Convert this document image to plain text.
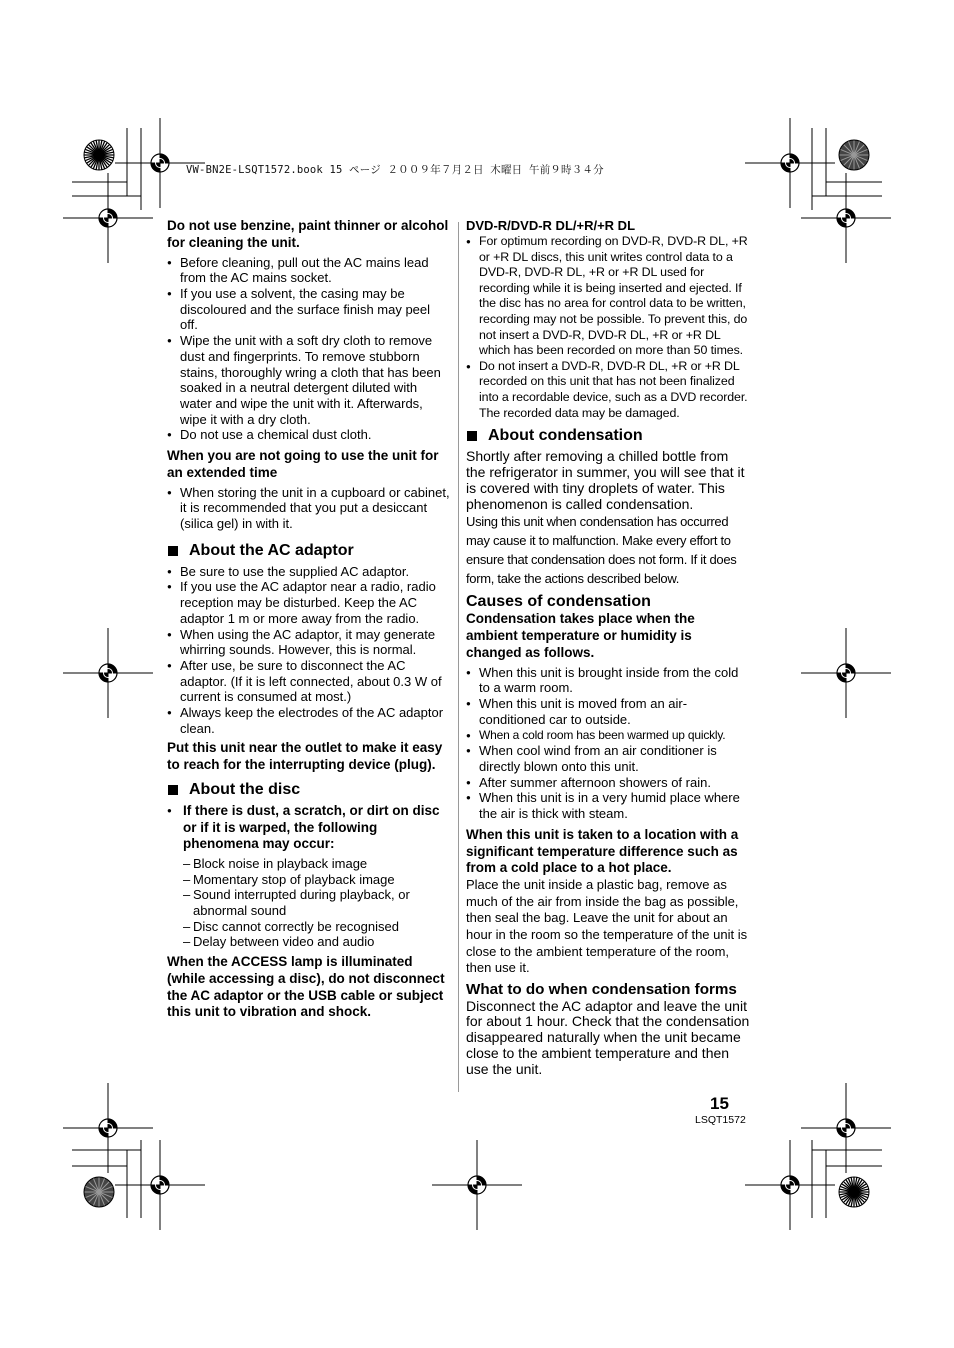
VW-BN2E-LSQT1572.book 15 ページ ２００９年７月２日 木曜日 午前９時３４分
Do not use benzine, paint thinner or alcohol for cleaning the unit.
● Before cleaning, pull out the AC mains lead from the AC mains socket.
● If you use a solvent, the casing may be discoloured and the surface finish may peel off.
● Wipe the unit with a soft dry cloth to remove dust and fingerprints. To remove stubborn stains, thoroughly wring a cloth that has been soaked in a neutral detergent diluted with water and wipe the unit with it. Afterwards, wipe it with a dry cloth.
● Do not use a chemical dust cloth.
When you are not going to use the unit for an extended time
● When storing the unit in a cupboard or cabinet, it is recommended that you put a desiccant (silica gel) in with it.
About the AC adaptor
● Be sure to use the supplied AC adaptor.
● If you use the AC adaptor near a radio, radio reception may be disturbed. Keep the AC adaptor 1 m or more away from the radio.
● When using the AC adaptor, it may generate whirring sounds. However, this is normal.
● After use, be sure to disconnect the AC adaptor. (If it is left connected, about 0.3 W of current is consumed at most.)
● Always keep the electrodes of the AC adaptor clean.
Put this unit near the outlet to make it easy to reach for the interrupting device (plug).
About the disc
● If there is dust, a scratch, or dirt on disc or if it is warped, the following phenomena may occur:
– Block noise in playback image
– Momentary stop of playback image
– Sound interrupted during playback, or abnormal sound
– Disc cannot correctly be recognised
– Delay between video and audio
When the ACCESS lamp is illuminated (while accessing a disc), do not disconnect the AC adaptor or the USB cable or subject this unit to vibration and shock.
DVD-R/DVD-R DL/+R/+R DL
● For optimum recording on DVD-R, DVD-R DL, +R or +R DL discs, this unit writes control data to a DVD-R, DVD-R DL, +R or +R DL used for recording while it is being inserted and ejected. If the disc has no area for control data to be written, recording may not be possible. To prevent this, do not insert a DVD-R, DVD-R DL, +R or +R DL which has been recorded on more than 50 times.
● Do not insert a DVD-R, DVD-R DL, +R or +R DL recorded on this unit that has not been finalized into a recordable device, such as a DVD recorder. The recorded data may be damaged.
About condensation

Shortly after removing a chilled bottle from the refrigerator in summer, you will see that it is covered with tiny droplets of water. This phenomenon is called condensation.

Using this unit when condensation has occurred may cause it to malfunction. Make every effort to ensure that condensation does not form. If it does form, take the actions described below.

Causes of condensation
Condensation takes place when the ambient temperature or humidity is changed as follows.
● When this unit is brought inside from the cold to a warm room.
● When this unit is moved from an air-conditioned car to outside.
● When a cold room has been warmed up quickly.
● When cool wind from an air conditioner is directly blown onto this unit.
● After summer afternoon showers of rain.
● When this unit is in a very humid place where the air is thick with steam.
When this unit is taken to a location with a significant temperature difference such as from a cold place to a hot place.

Place the unit inside a plastic bag, remove as much of the air from inside the bag as possible, then seal the bag. Leave the unit for about an hour in the room so the temperature of the unit is close to the ambient temperature of the room, then use it.

What to do when condensation forms

Disconnect the AC adaptor and leave the unit for about 1 hour. Check that the condensation disappeared naturally when the unit became close to the ambient temperature and then use the unit.

15
LSQT1572
